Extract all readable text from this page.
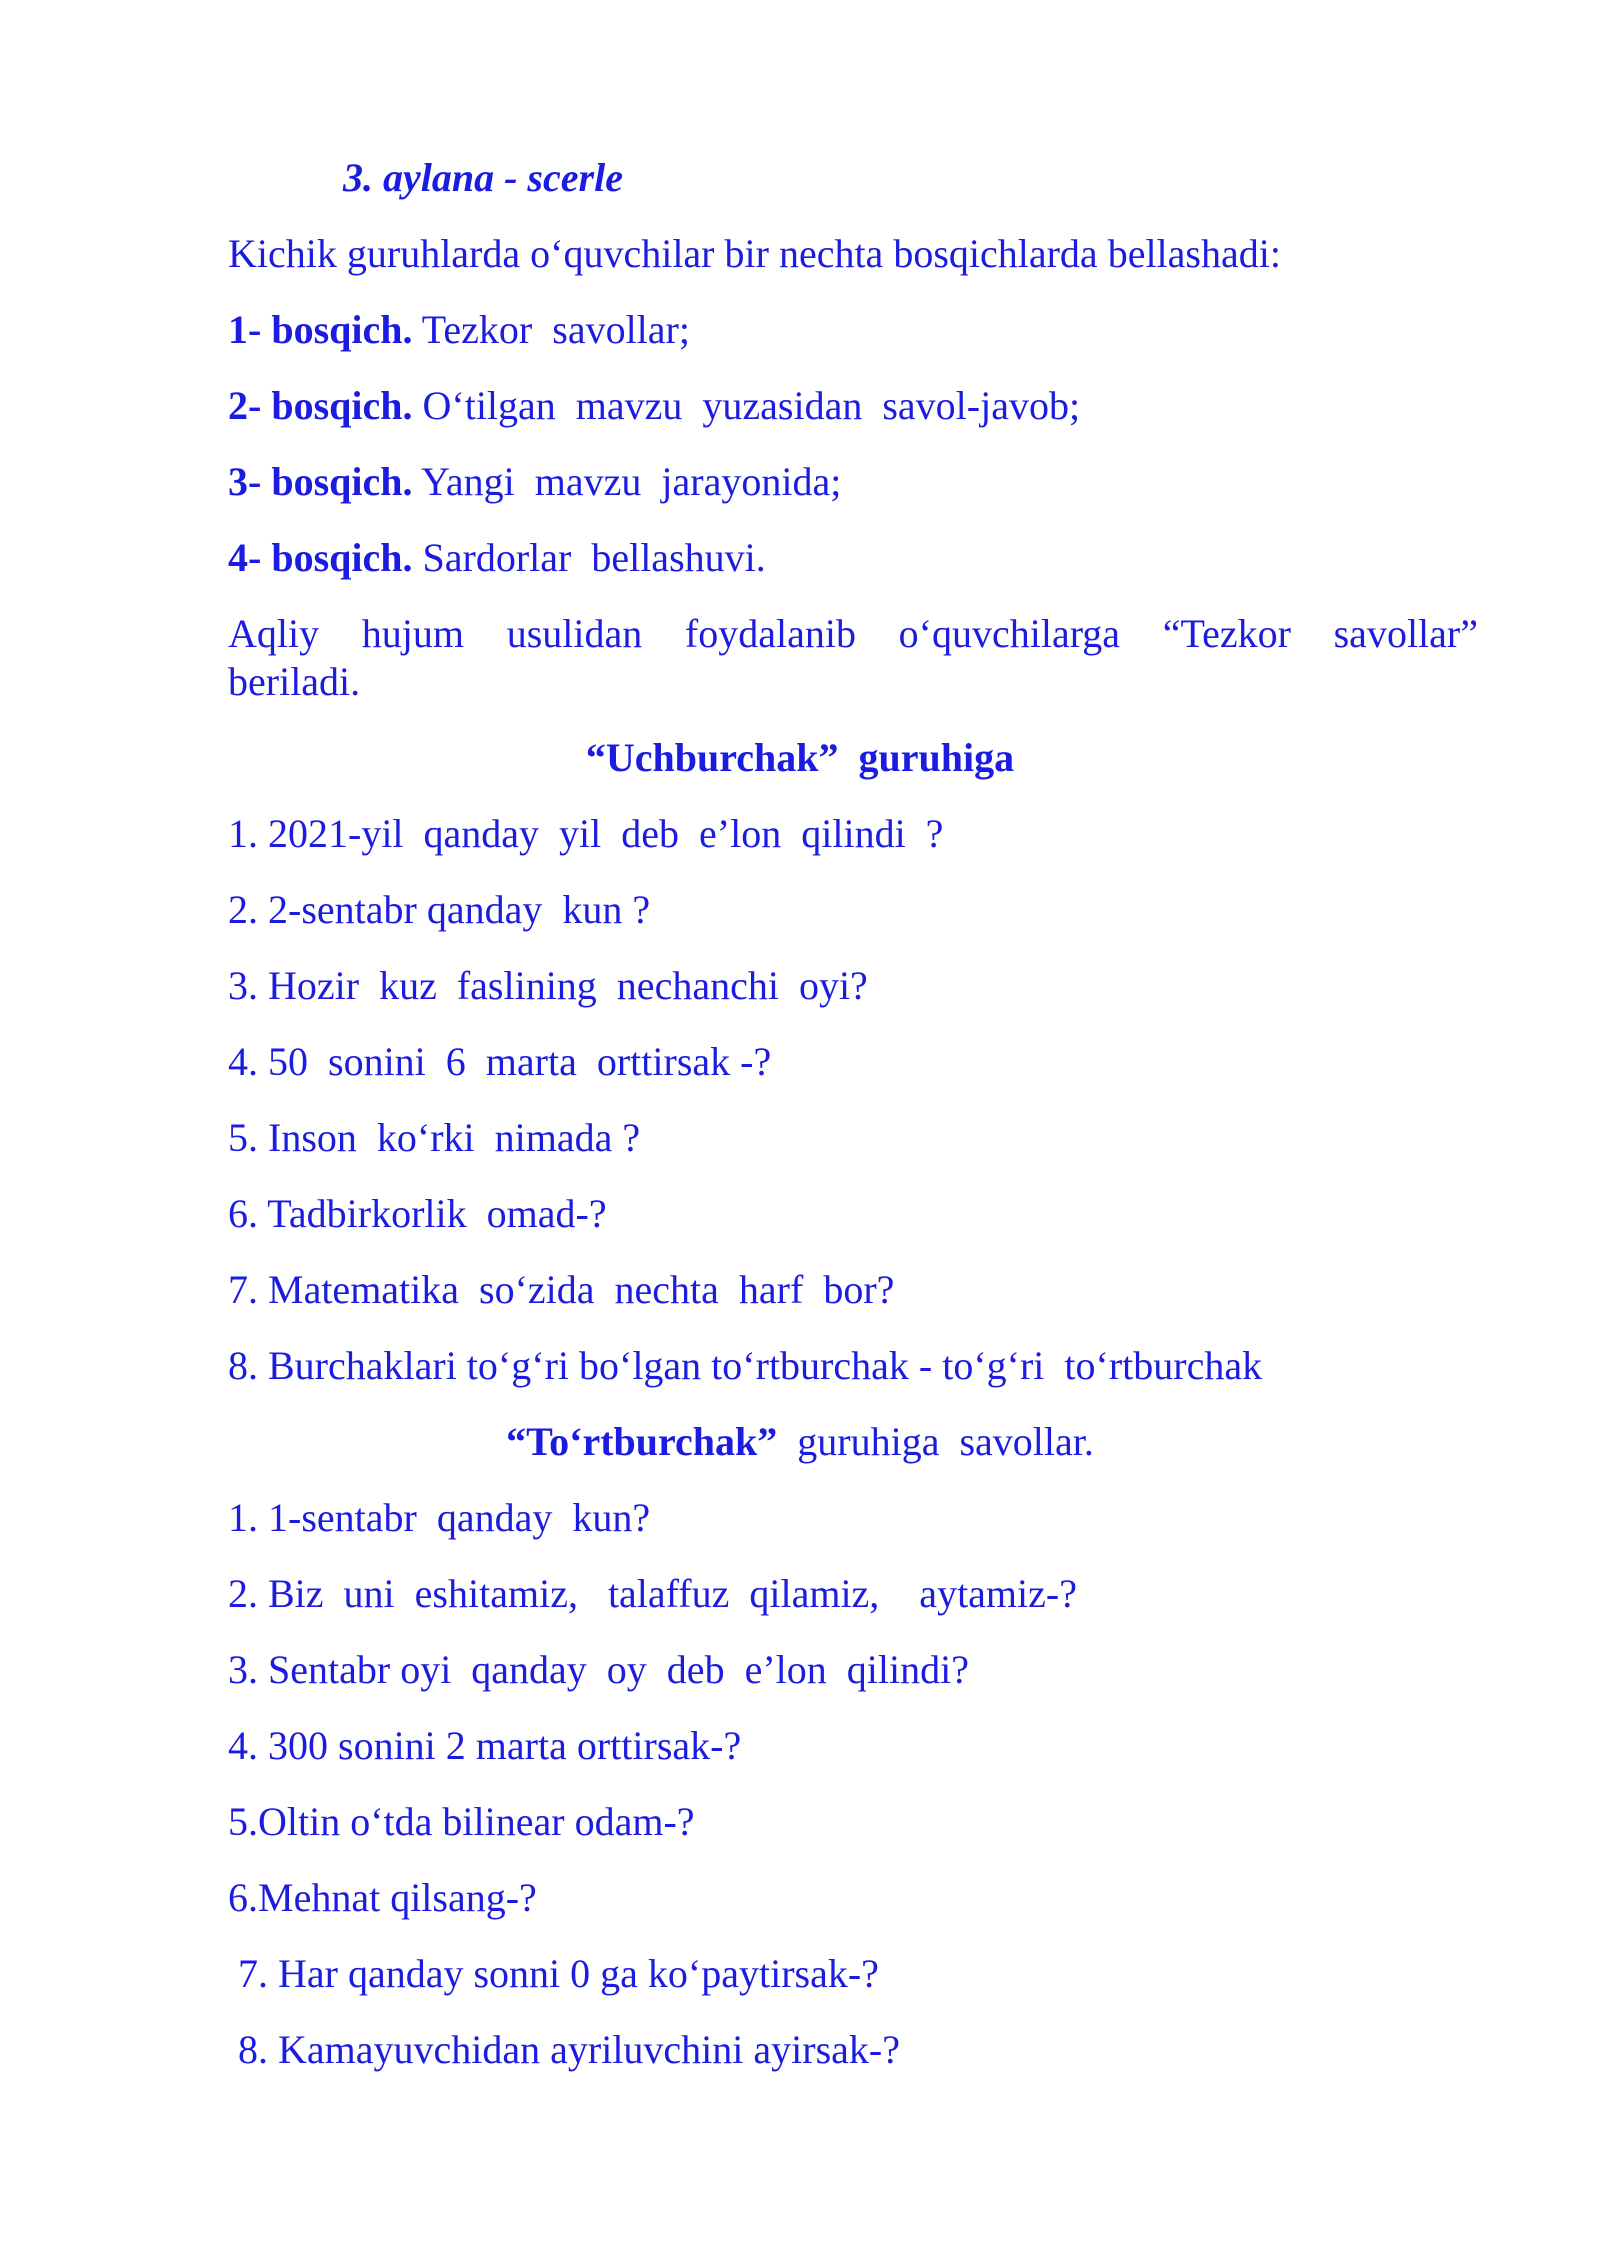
3. aylana - scerle
Kichik guruhlarda o‘quvchilar bir nechta bosqichlarda bellashadi:
1- bosqich. Tezkor  savollar;
2- bosqich. O‘tilgan  mavzu  yuzasidan  savol-javob;
3- bosqich. Yangi  mavzu  jarayonida;
4- bosqich. Sardorlar  bellashuvi.
Aqliy hujum usulidan foydalanib o‘quvchilarga “Tezkor savollar” beriladi.
“Uchburchak”  guruhiga
1. 2021-yil  qanday  yil  deb  e’lon  qilindi  ?
2. 2-sentabr qanday  kun ?
3. Hozir  kuz  faslining  nechanchi  oyi?
4. 50  sonini  6  marta  orttirsak -?
5. Inson  ko‘rki  nimada ?
6. Tadbirkorlik  omad-?
7. Matematika  so‘zida  nechta  harf  bor?
8. Burchaklari to‘g‘ri bo‘lgan to‘rtburchak - to‘g‘ri  to‘rtburchak
“To‘rtburchak”  guruhiga  savollar.
1. 1-sentabr  qanday  kun?
2. Biz  uni  eshitamiz,   talaffuz  qilamiz,    aytamiz-?
3. Sentabr oyi  qanday  oy  deb  e’lon  qilindi?
4. 300 sonini 2 marta orttirsak-?
5.Oltin o‘tda bilinear odam-?
6.Mehnat qilsang-?
7. Har qanday sonni 0 ga ko‘paytirsak-?
8. Kamayuvchidan ayriluvchini ayirsak-?
